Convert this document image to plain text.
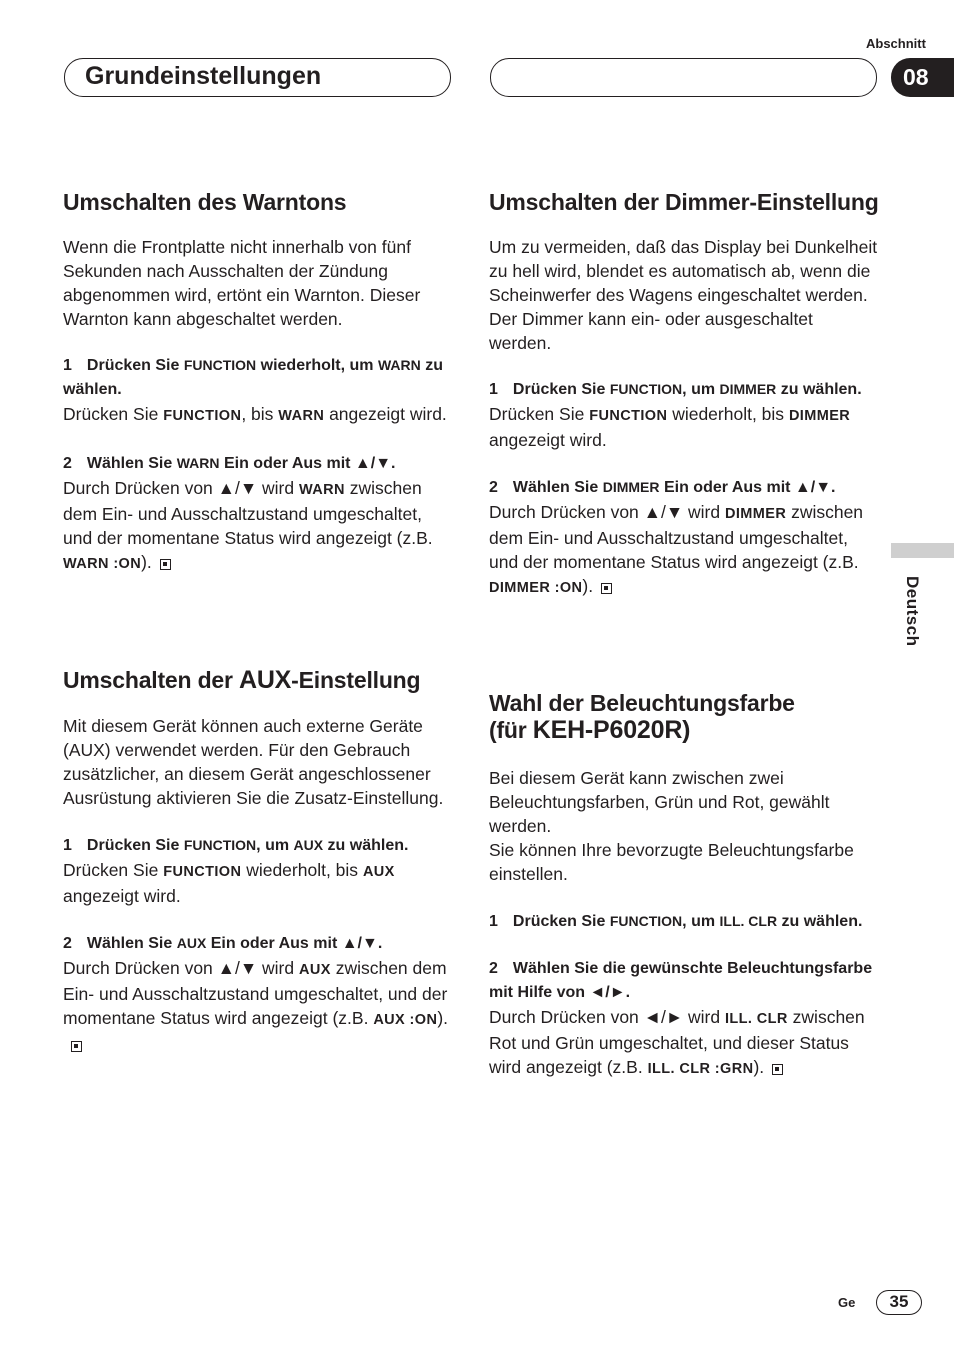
Abschnitt
Grundeinstellungen	08
Deutsch
Umschalten des Warntons

Wenn die Frontplatte nicht innerhalb von fünf Sekunden nach Ausschalten der Zündung abgenommen wird, ertönt ein Warnton. Dieser Warnton kann abgeschaltet werden.

1 Drücken Sie FUNCTION wiederholt, um WARN zu wählen.

Drücken Sie FUNCTION, bis WARN angezeigt wird.

2 Wählen Sie WARN Ein oder Aus mit ▲/▼.

Durch Drücken von ▲/▼ wird WARN zwischen dem Ein- und Ausschaltzustand umgeschaltet, und der momentane Status wird angezeigt (z.B. WARN :ON).

Umschalten der AUX-Einstellung

Mit diesem Gerät können auch externe Geräte (AUX) verwendet werden. Für den Gebrauch zusätzlicher, an diesem Gerät angeschlossener Ausrüstung aktivieren Sie die Zusatz-Einstellung.

1 Drücken Sie FUNCTION, um AUX zu wählen.

Drücken Sie FUNCTION wiederholt, bis AUX angezeigt wird.

2 Wählen Sie AUX Ein oder Aus mit ▲/▼.

Durch Drücken von ▲/▼ wird AUX zwischen dem Ein- und Ausschaltzustand umgeschaltet, und der momentane Status wird angezeigt (z.B. AUX :ON).

Umschalten der Dimmer-Einstellung

Um zu vermeiden, daß das Display bei Dunkelheit zu hell wird, blendet es automatisch ab, wenn die Scheinwerfer des Wagens eingeschaltet werden. Der Dimmer kann ein- oder ausgeschaltet werden.

1 Drücken Sie FUNCTION, um DIMMER zu wählen.

Drücken Sie FUNCTION wiederholt, bis DIMMER angezeigt wird.

2 Wählen Sie DIMMER Ein oder Aus mit ▲/▼.

Durch Drücken von ▲/▼ wird DIMMER zwischen dem Ein- und Ausschaltzustand umgeschaltet, und der momentane Status wird angezeigt (z.B. DIMMER :ON).

Wahl der Beleuchtungsfarbe
(für KEH-P6020R)

Bei diesem Gerät kann zwischen zwei Beleuchtungsfarben, Grün und Rot, gewählt werden.

Sie können Ihre bevorzugte Beleuchtungsfarbe einstellen.

1 Drücken Sie FUNCTION, um ILL. CLR zu wählen.

2 Wählen Sie die gewünschte Beleuchtungsfarbe mit Hilfe von ◄/►.

Durch Drücken von ◄/► wird ILL. CLR zwischen Rot und Grün umgeschaltet, und dieser Status wird angezeigt (z.B. ILL. CLR :GRN).

Ge	35
